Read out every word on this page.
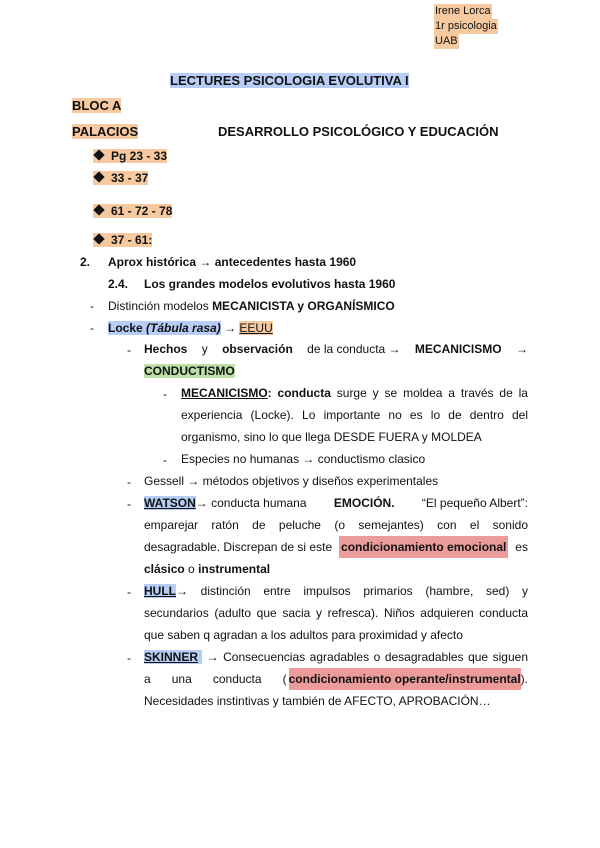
Irene Lorca
1r psicologia
UAB
LECTURES PSICOLOGIA EVOLUTIVA I
BLOC A
PALACIOS	DESARROLLO PSICOLÓGICO Y EDUCACIÓN
Pg 23 - 33
33 - 37
61 - 72 - 78
37 - 61:
2. Aprox histórica → antecedentes hasta 1960
2.4. Los grandes modelos evolutivos hasta 1960
- Distinción modelos MECANICISTA y ORGANÍSMICO
- Locke (Tábula rasa) → EEUU
- Hechos y observación de la conducta → MECANICISMO →
CONDUCTISMO
- MECANICISMO: conducta surge y se moldea a través de la
experiencia (Locke). Lo importante no es lo de dentro del
organismo, sino lo que llega DESDE FUERA y MOLDEA
- Especies no humanas → conductismo clasico
- Gessell → métodos objetivos y diseños experimentales
- WATSON→ conducta humana EMOCIÓN. “El pequeño Albert”:
emparejar ratón de peluche (o semejantes) con el sonido
desagradable. Discrepan de si este condicionamiento emocional es
clásico o instrumental
- HULL→ distinción entre impulsos primarios (hambre, sed) y
secundarios (adulto que sacia y refresca). Niños adquieren conducta
que saben q agradan a los adultos para proximidad y afecto
- SKINNER → Consecuencias agradables o desagradables que siguen
a una conducta ( condicionamiento operante/instrumental ).
Necesidades instintivas y también de AFECTO, APROBACIÓN…
